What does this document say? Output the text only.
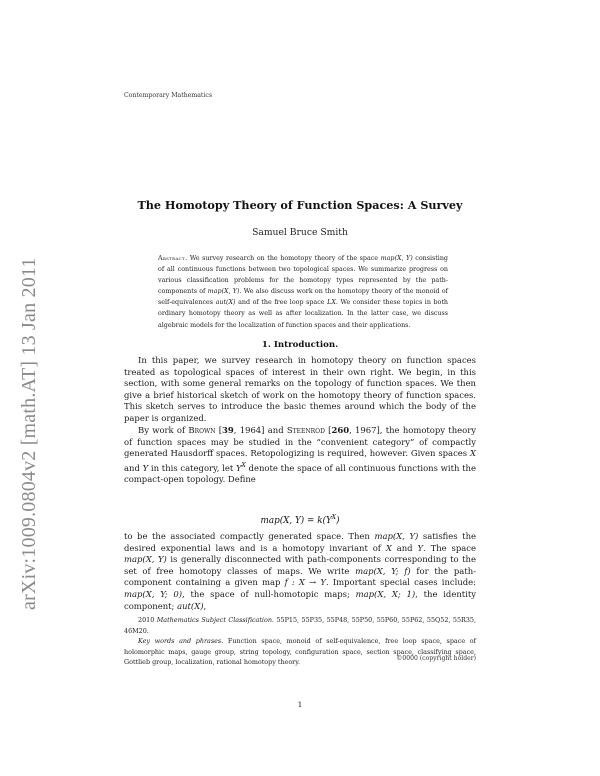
arXiv:1009.0804v2 [math.AT] 13 Jan 2011
Contemporary Mathematics
The Homotopy Theory of Function Spaces: A Survey
Samuel Bruce Smith
Abstract. We survey research on the homotopy theory of the space map(X, Y) consisting of all continuous functions between two topological spaces. We summarize progress on various classification problems for the homotopy types represented by the path-components of map(X, Y). We also discuss work on the homotopy theory of the monoid of self-equivalences aut(X) and of the free loop space LX. We consider these topics in both ordinary homotopy theory as well as after localization. In the latter case, we discuss algebraic models for the localization of function spaces and their applications.
1. Introduction.

In this paper, we survey research in homotopy theory on function spaces treated as topological spaces of interest in their own right. We begin, in this section, with some general remarks on the topology of function spaces. We then give a brief historical sketch of work on the homotopy theory of function spaces. This sketch serves to introduce the basic themes around which the body of the paper is organized.

By work of Brown [39, 1964] and Steenrod [260, 1967], the homotopy theory of function spaces may be studied in the “convenient category” of compactly generated Hausdorff spaces. Retopologizing is required, however. Given spaces X and Y in this category, let $Y^X$ denote the space of all continuous functions with the compact-open topology. Define

map(X, $Y) = k(Y^X)$

to be the associated compactly generated space. Then map(X, Y) satisfies the desired exponential laws and is a homotopy invariant of X and Y. The space map(X, Y) is generally disconnected with path-components corresponding to the set of free homotopy classes of maps. We write map(X, Y; f) for the path-component containing a given map f : X → Y. Important special cases include: map(X, Y; 0), the space of null-homotopic maps; map(X, X; 1), the identity component; aut(X),

2010 Mathematics Subject Classification. 55P15, 55P35, 55P48, 55P50, 55P60, 55P62, 55Q52, 55R35, 46M20.

Key words and phrases. Function space, monoid of self-equivalence, free loop space, space of holomorphic maps, gauge group, string topology, configuration space, section space, classifying space, Gottlieb group, localization, rational homotopy theory.	©0000 (copyright holder)
1
